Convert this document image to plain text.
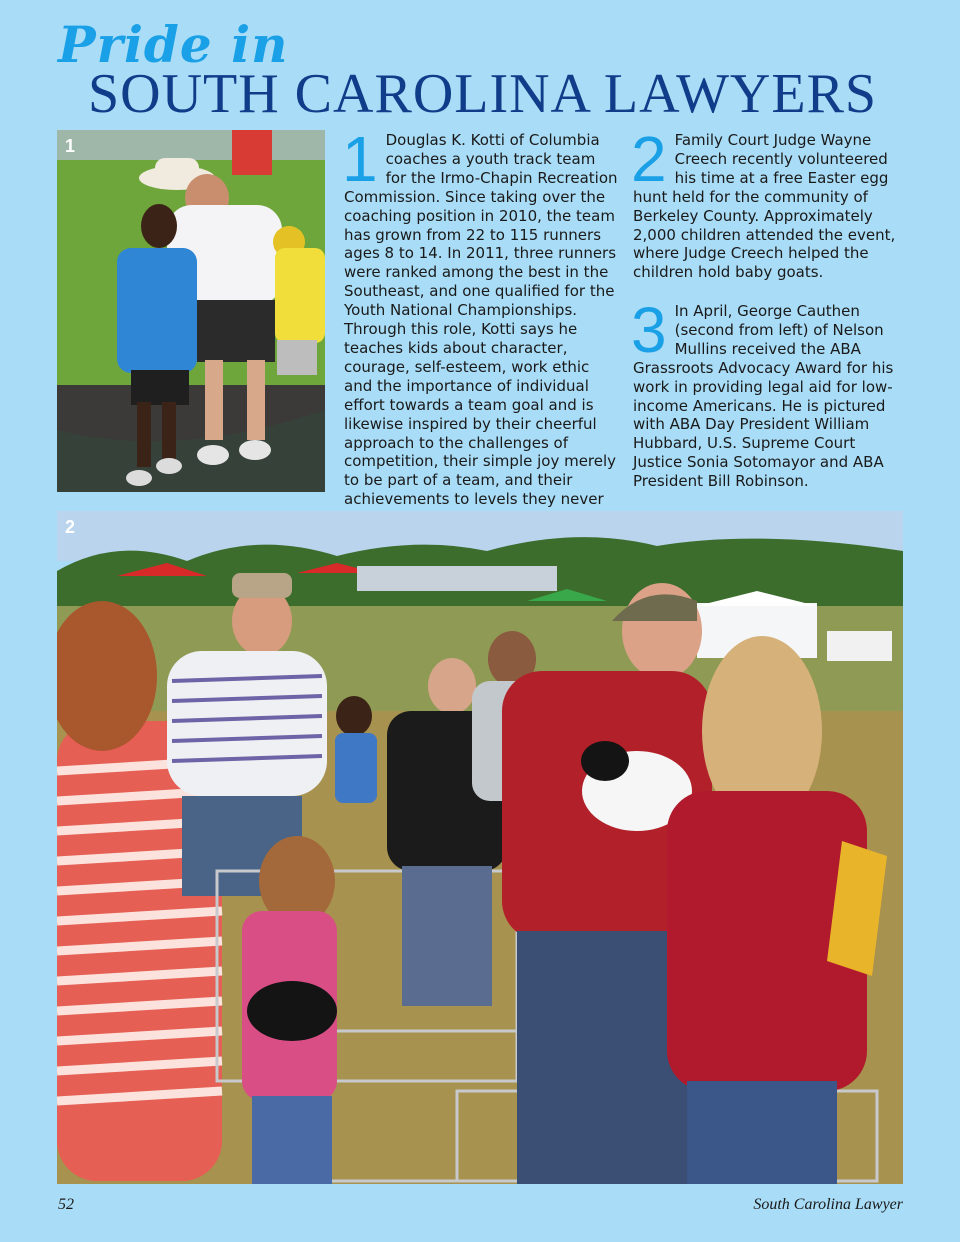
Pride in
SOUTH CAROLINA LAWYERS
1	1 Douglas K. Kotti of Columbia coaches a youth track team for the Irmo-Chapin Recreation Commission. Since taking over the coaching position in 2010, the team has grown from 22 to 115 runners ages 8 to 14. In 2011, three runners were ranked among the best in the Southeast, and one qualified for the Youth National Championships. Through this role, Kotti says he teaches kids about character, courage, self-esteem, work ethic and the importance of individual effort towards a team goal and is likewise inspired by their cheerful approach to the challenges of competition, their simple joy merely to be part of a team, and their achievements to levels they never

2 Family Court Judge Wayne Creech recently volunteered his time at a free Easter egg hunt held for the community of Berkeley County. Approximately 2,000 children attended the event, where Judge Creech helped the children hold baby goats.

3 In April, George Cauthen (second from left) of Nelson Mullins received the ABA Grassroots Advocacy Award for his work in providing legal aid for low-income Americans. He is pictured with ABA Day President William Hubbard, U.S. Supreme Court Justice Sonia Sotomayor and ABA President Bill Robinson.

2
52	South Carolina Lawyer
